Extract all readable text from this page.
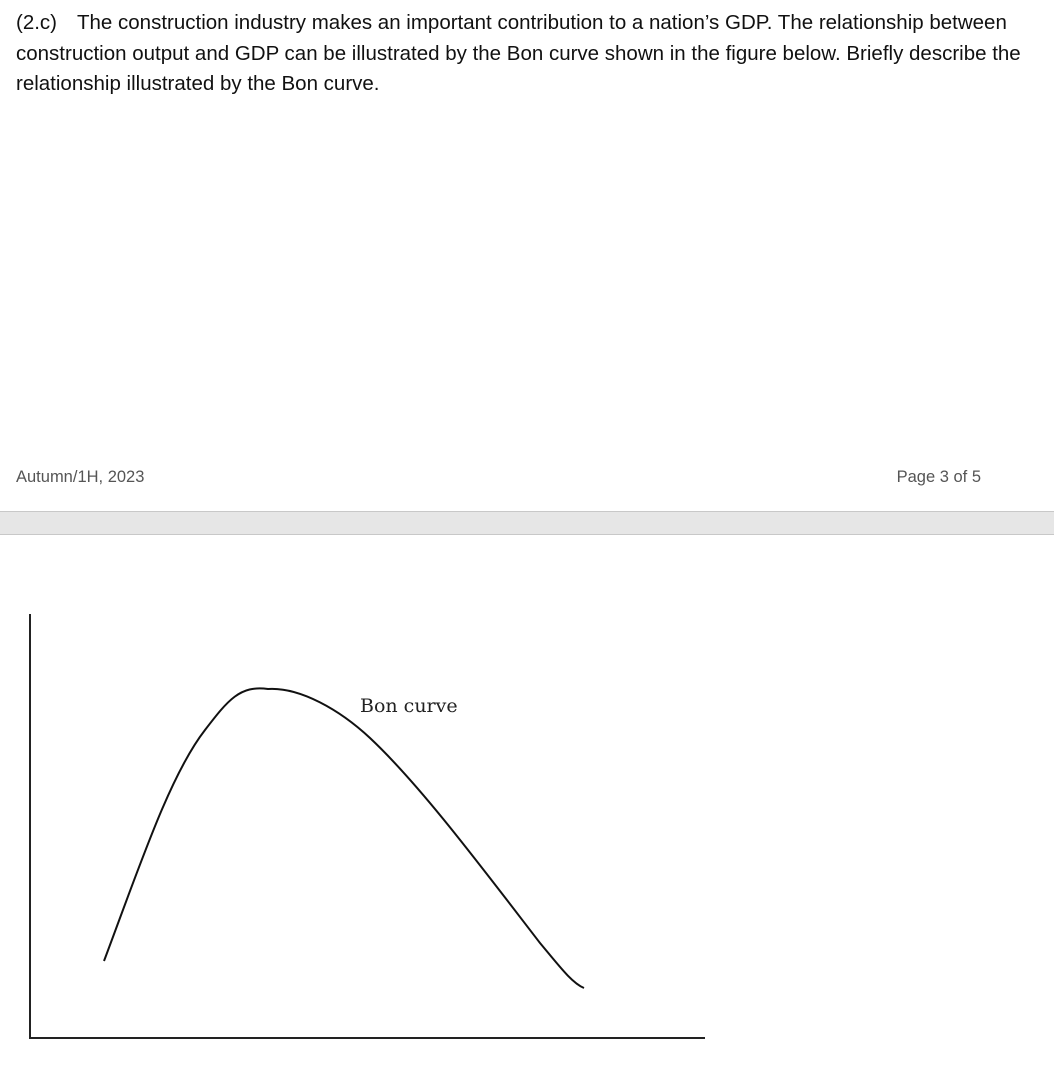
(2.c) The construction industry makes an important contribution to a nation’s GDP. The relationship between construction output and GDP can be illustrated by the Bon curve shown in the figure below. Briefly describe the relationship illustrated by the Bon curve.

Autumn/1H, 2023	Page 3 of 5
Bon curve
